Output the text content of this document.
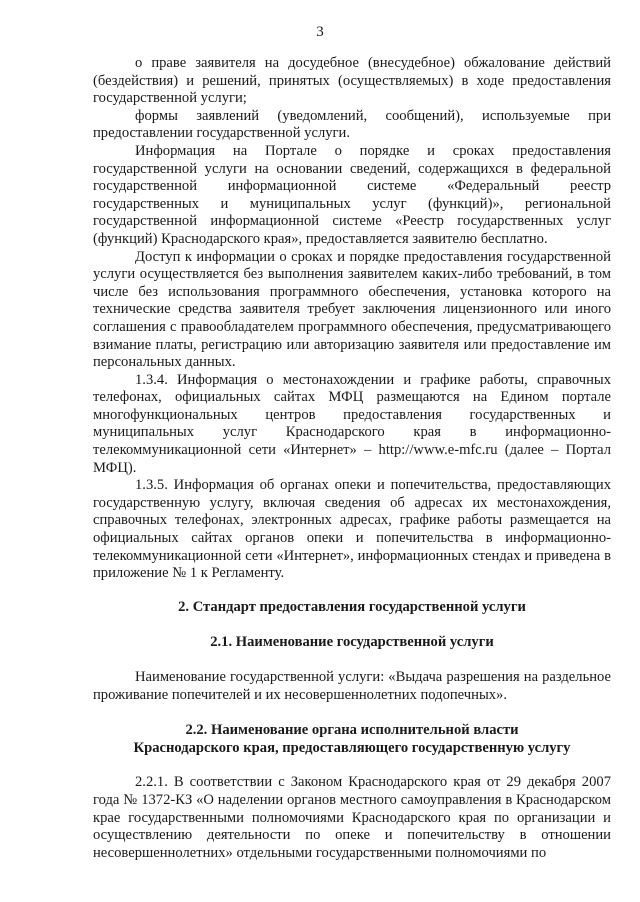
3

о праве заявителя на досудебное (внесудебное) обжалование действий (бездействия) и решений, принятых (осуществляемых) в ходе предоставления государственной услуги;

формы заявлений (уведомлений, сообщений), используемые при предоставлении государственной услуги.

Информация на Портале о порядке и сроках предоставления государственной услуги на основании сведений, содержащихся в федеральной государственной информационной системе «Федеральный реестр государственных и муниципальных услуг (функций)», региональной государственной информационной системе «Реестр государственных услуг (функций) Краснодарского края», предоставляется заявителю бесплатно.

Доступ к информации о сроках и порядке предоставления государственной услуги осуществляется без выполнения заявителем каких-либо требований, в том числе без использования программного обеспечения, установка которого на технические средства заявителя требует заключения лицензионного или иного соглашения с правообладателем программного обеспечения, предусматривающего взимание платы, регистрацию или авторизацию заявителя или предоставление им персональных данных.

1.3.4. Информация о местонахождении и графике работы, справочных телефонах, официальных сайтах МФЦ размещаются на Едином портале многофункциональных центров предоставления государственных и муниципальных услуг Краснодарского края в информационно-телекоммуникационной сети «Интернет» – http://www.e-mfc.ru (далее – Портал МФЦ).

1.3.5. Информация об органах опеки и попечительства, предоставляющих государственную услугу, включая сведения об адресах их местонахождения, справочных телефонах, электронных адресах, графике работы размещается на официальных сайтах органов опеки и попечительства в информационно-телекоммуникационной сети «Интернет», информационных стендах и приведена в приложение № 1 к Регламенту.

2. Стандарт предоставления государственной услуги

2.1. Наименование государственной услуги

Наименование государственной услуги: «Выдача разрешения на раздельное проживание попечителей и их несовершеннолетних подопечных».

2.2. Наименование органа исполнительной власти

Краснодарского края, предоставляющего государственную услугу

2.2.1. В соответствии с Законом Краснодарского края от 29 декабря 2007 года № 1372-КЗ «О наделении органов местного самоуправления в Краснодарском крае государственными полномочиями Краснодарского края по организации и осуществлению деятельности по опеке и попечительству в отношении несовершеннолетних» отдельными государственными полномочиями по
